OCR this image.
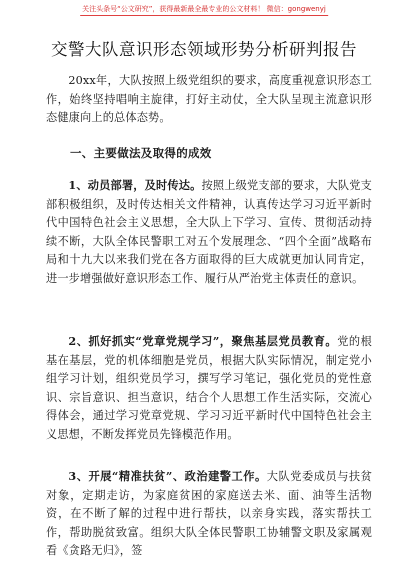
关注头条号“公文研究”，获得最新最全最专业的公文材料！ 微信：gongwenyj
交警大队意识形态领域形势分析研判报告

20xx年，大队按照上级党组织的要求，高度重视意识形态工作，始终坚持唱响主旋律，打好主动仗，全大队呈现主流意识形态健康向上的总体态势。

一、主要做法及取得的成效

1、动员部署，及时传达。按照上级党支部的要求，大队党支部积极组织，及时传达相关文件精神，认真传达学习习近平新时代中国特色社会主义思想，全大队上下学习、宣传、贯彻活动持续不断，大队全体民警职工对五个发展理念、“四个全面”战略布局和十九大以来我们党在各方面取得的巨大成就更加认同肯定，进一步增强做好意识形态工作、履行从严治党主体责任的意识。

2、抓好抓实“党章党规学习”，聚焦基层党员教育。党的根基在基层，党的机体细胞是党员，根据大队实际情况，制定党小组学习计划，组织党员学习，撰写学习笔记，强化党员的党性意识、宗旨意识、担当意识，结合个人思想工作生活实际，交流心得体会，通过学习党章党规、学习习近平新时代中国特色社会主义思想，不断发挥党员先锋模范作用。

3、开展“精准扶贫”、政治建警工作。大队党委成员与扶贫对象，定期走访，为家庭贫困的家庭送去米、面、油等生活物资，在不断了解的过程中进行帮扶，以亲身实践，落实帮扶工作，帮助脱贫致富。组织大队全体民警职工协辅警文职及家属观看《贪路无归》，签
